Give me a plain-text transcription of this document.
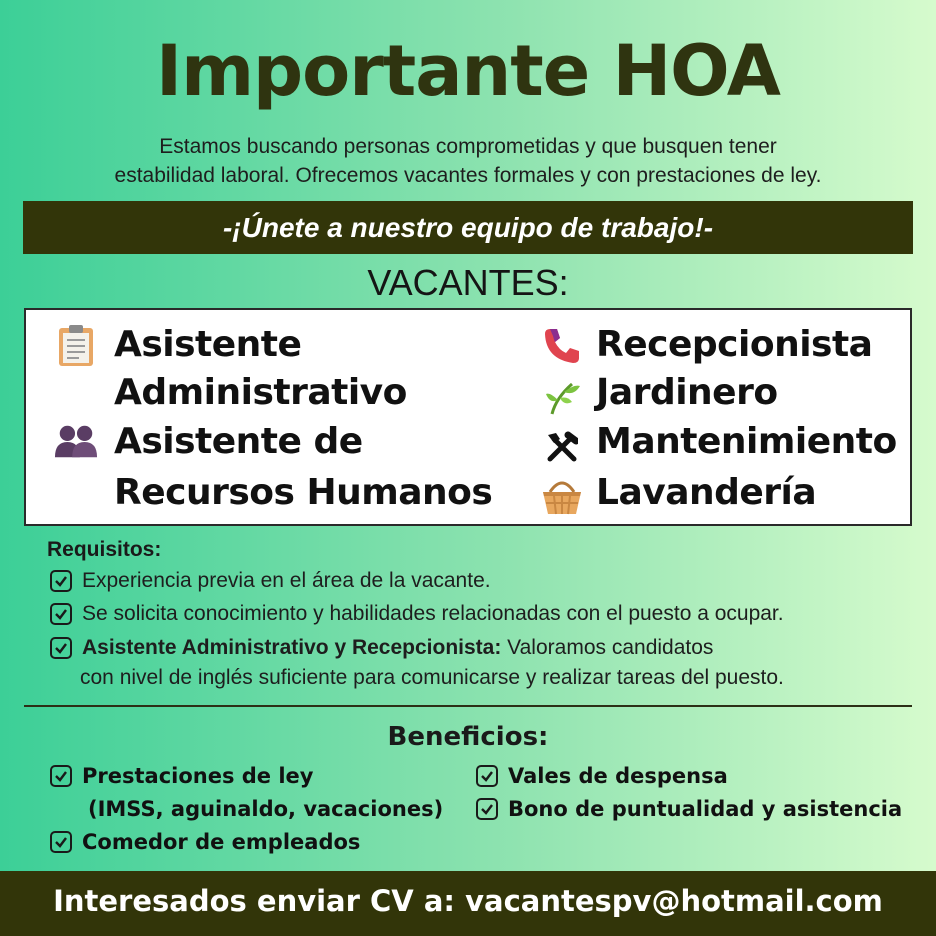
Importante HOA
Estamos buscando personas comprometidas y que busquen tener
estabilidad laboral. Ofrecemos vacantes formales y con prestaciones de ley.
-¡Únete a nuestro equipo de trabajo!-
VACANTES:
Asistente
Administrativo
Asistente de
Recursos Humanos
Recepcionista
Jardinero
Mantenimiento
Lavandería
Requisitos:
Experiencia previa en el área de la vacante.
Se solicita conocimiento y habilidades relacionadas con el puesto a ocupar.
Asistente Administrativo y Recepcionista: Valoramos candidatos
con nivel de inglés suficiente para comunicarse y realizar tareas del puesto.
Beneficios:
Prestaciones de ley
(IMSS, aguinaldo, vacaciones)
Comedor de empleados
Vales de despensa
Bono de puntualidad y asistencia
Interesados enviar CV a: vacantespv@hotmail.com
